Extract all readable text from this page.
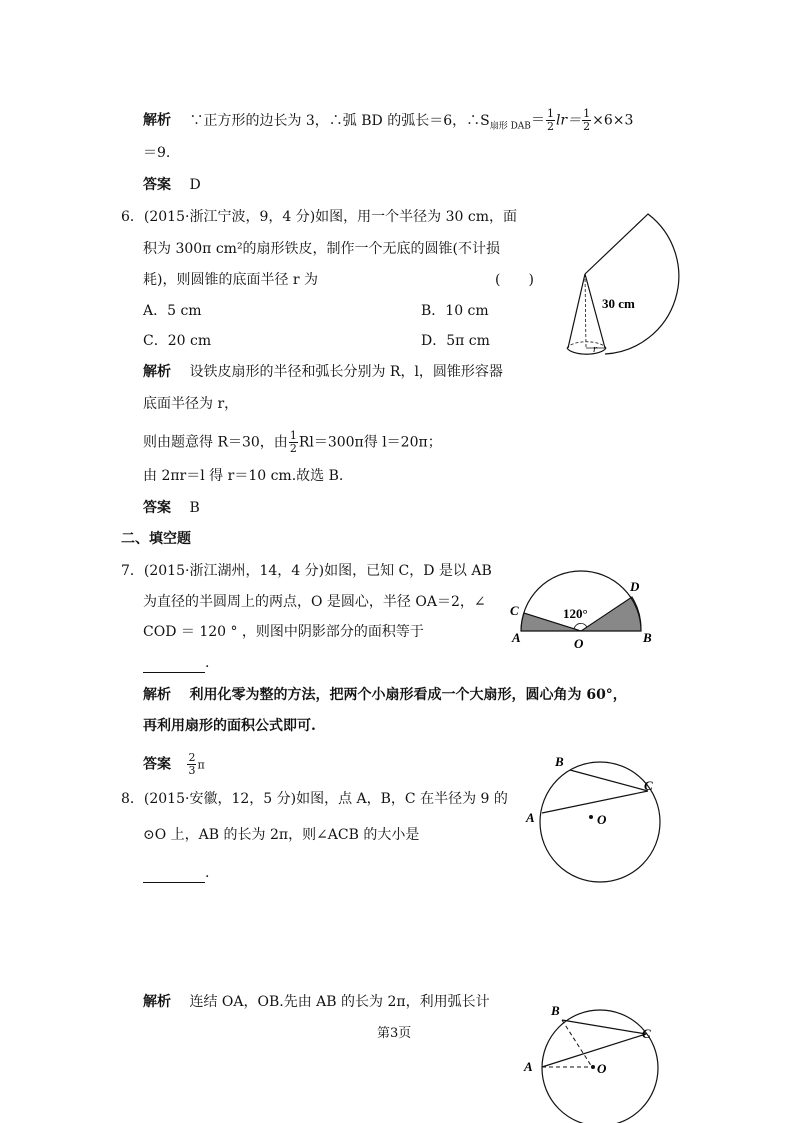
解析 ∵正方形的边长为 3，∴弧 BD 的弧长＝6，$\therefore S_{扇形 DAB}= \frac{1}{2} lr= \frac{1}{2} \times 6\times 3$
＝9.
答案 D
6．(2015·浙江宁波，9，4 分)如图，用一个半径为 30 cm，面
积为 300π cm²的扇形铁皮，制作一个无底的圆锥(不计损
耗)，则圆锥的底面半径 r 为	(　　)
A．5 cm	B．10 cm
C．20 cm	D．5π cm
解析 设铁皮扇形的半径和弧长分别为 R，l，圆锥形容器
底面半径为 r，
则由题意得 R＝30，由 $\frac{1}{2} Rl=300\pi$得 l＝20π；
由 2πr＝l 得 r＝10 cm.故选 B.
答案 B
30 cm
r
二、填空题
7．(2015·浙江湖州，14，4 分)如图，已知 C，D 是以 AB
为直径的半圆周上的两点，O 是圆心，半径 OA＝2，∠
COD ＝ 120 ° ，则图中阴影部分的面积等于
.
解析 利用化零为整的方法，把两个小扇形看成一个大扇形，圆心角为 60°，
再利用扇形的面积公式即可.
答案 $\frac{2}{3}$ π
120°
A	B
C
D
O
8．(2015·安徽，12，5 分)如图，点 A，B，C 在半径为 9 的
⊙O 上，AB 的长为 2π，则∠ACB 的大小是
.
A
B
C
O
解析 连结 OA，OB.先由 AB 的长为 2π，利用弧长计
A
B
C
O
第3页
